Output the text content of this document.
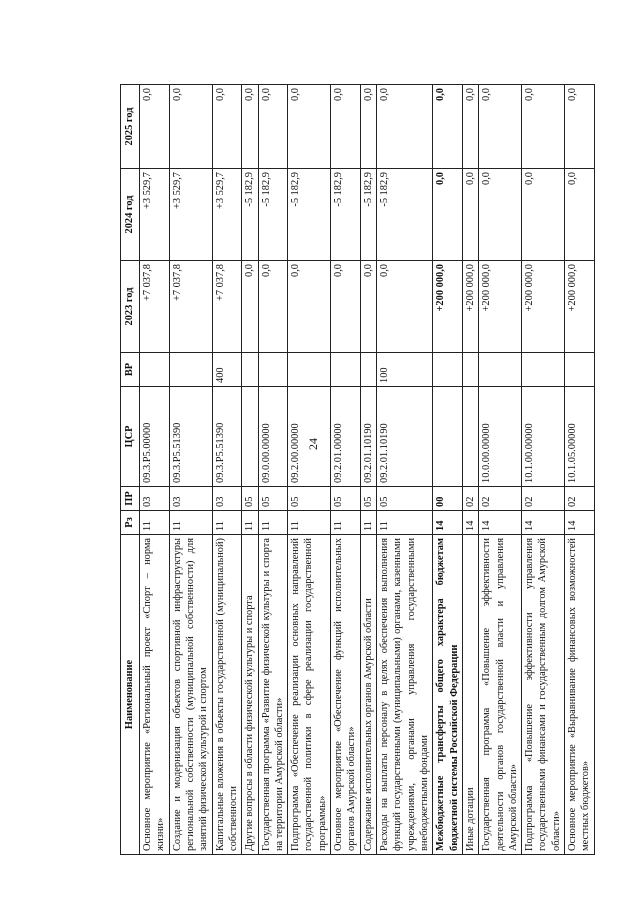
24
Наименование	Рз	ПР	ЦСР	ВР	2023 год	2024 год	2025 год
Основное мероприятие «Региональный проект «Спорт – норма жизни»	11	03	09.3.P5.00000		+7 037,8	+3 529,7	0,0
Создание и модернизация объектов спортивной инфраструктуры региональной собственности (муниципальной собственности) для занятий физической культурой и спортом	11	03	09.3.P5.51390		+7 037,8	+3 529,7	0,0
Капитальные вложения в объекты государственной (муниципальной) собственности	11	03	09.3.P5.51390	400	+7 037,8	+3 529,7	0,0
Другие вопросы в области физической культуры и спорта	11	05			0,0	-5 182,9	0,0
Государственная программа «Развитие физической культуры и спорта на территории Амурской области»	11	05	09.0.00.00000		0,0	-5 182,9	0,0
Подпрограмма «Обеспечение реализации основных направлений государственной политики в сфере реализации государственной программы»	11	05	09.2.00.00000		0,0	-5 182,9	0,0
Основное мероприятие «Обеспечение функций исполнительных органов Амурской области»	11	05	09.2.01.00000		0,0	-5 182,9	0,0
Содержание исполнительных органов Амурской области	11	05	09.2.01.10190		0,0	-5 182,9	0,0
Расходы на выплаты персоналу в целях обеспечения выполнения функций государственными (муниципальными) органами, казенными учреждениями, органами управления государственными внебюджетными фондами	11	05	09.2.01.10190	100	0,0	-5 182,9	0,0
Межбюджетные трансферты общего характера бюджетам бюджетной системы Российской Федерации	14	00			+200 000,0	0,0	0,0
Иные дотации	14	02			+200 000,0	0,0	0,0
Государственная программа «Повышение эффективности деятельности органов государственной власти и управления Амурской области»	14	02	10.0.00.00000		+200 000,0	0,0	0,0
Подпрограмма «Повышение эффективности управления государственными финансами и государственным долгом Амурской области»	14	02	10.1.00.00000		+200 000,0	0,0	0,0
Основное мероприятие «Выравнивание финансовых возможностей местных бюджетов»	14	02	10.1.05.00000		+200 000,0	0,0	0,0
